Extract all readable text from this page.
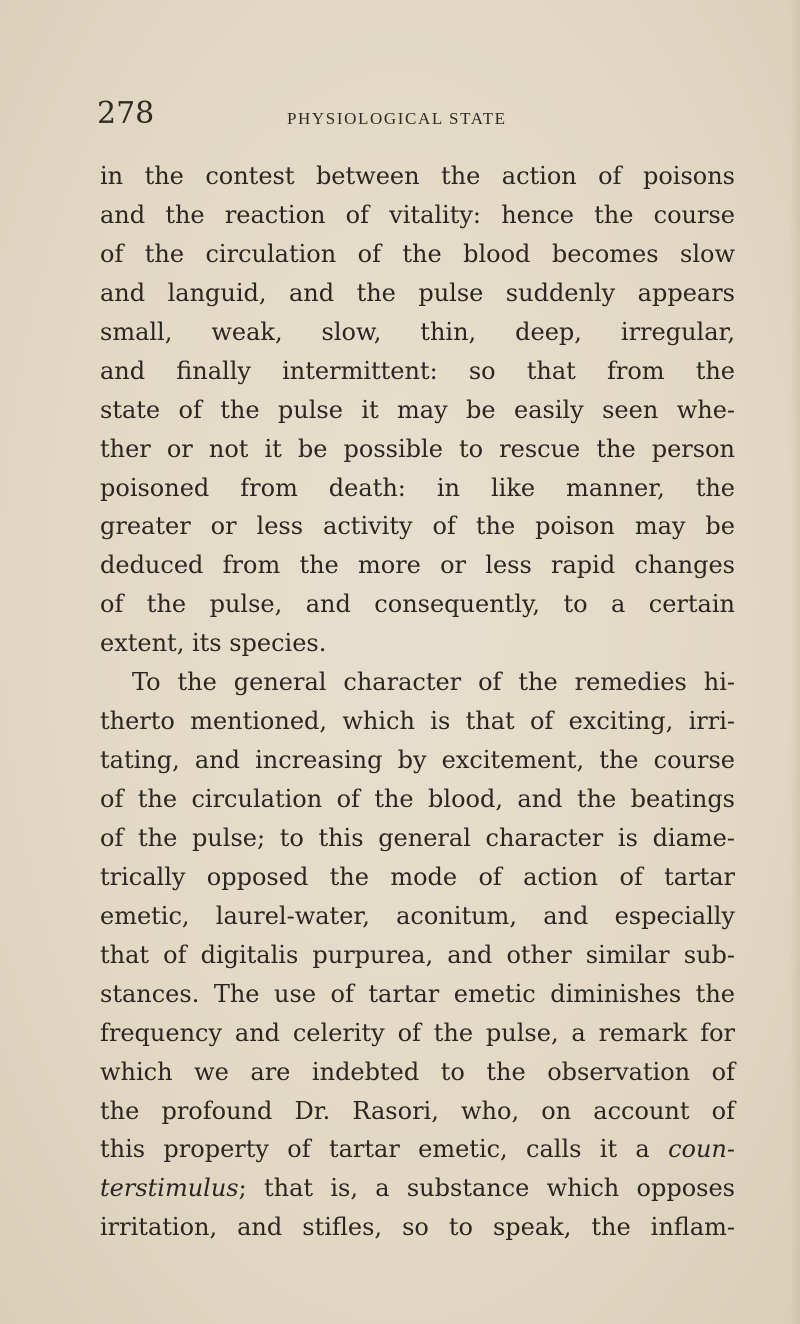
278	PHYSIOLOGICAL STATE
in the contest between the action of poisons
and the reaction of vitality: hence the course
of the circulation of the blood becomes slow
and languid, and the pulse suddenly appears
small, weak, slow, thin, deep, irregular,
and finally intermittent: so that from the
state of the pulse it may be easily seen whe-
ther or not it be possible to rescue the person
poisoned from death: in like manner, the
greater or less activity of the poison may be
deduced from the more or less rapid changes
of the pulse, and consequently, to a certain
extent, its species.
To the general character of the remedies hi-
therto mentioned, which is that of exciting, irri-
tating, and increasing by excitement, the course
of the circulation of the blood, and the beatings
of the pulse; to this general character is diame-
trically opposed the mode of action of tartar
emetic, laurel-water, aconitum, and especially
that of digitalis purpurea, and other similar sub-
stances. The use of tartar emetic diminishes the
frequency and celerity of the pulse, a remark for
which we are indebted to the observation of
the profound Dr. Rasori, who, on account of
this property of tartar emetic, calls it a coun-
terstimulus; that is, a substance which opposes
irritation, and stifles, so to speak, the inflam-
